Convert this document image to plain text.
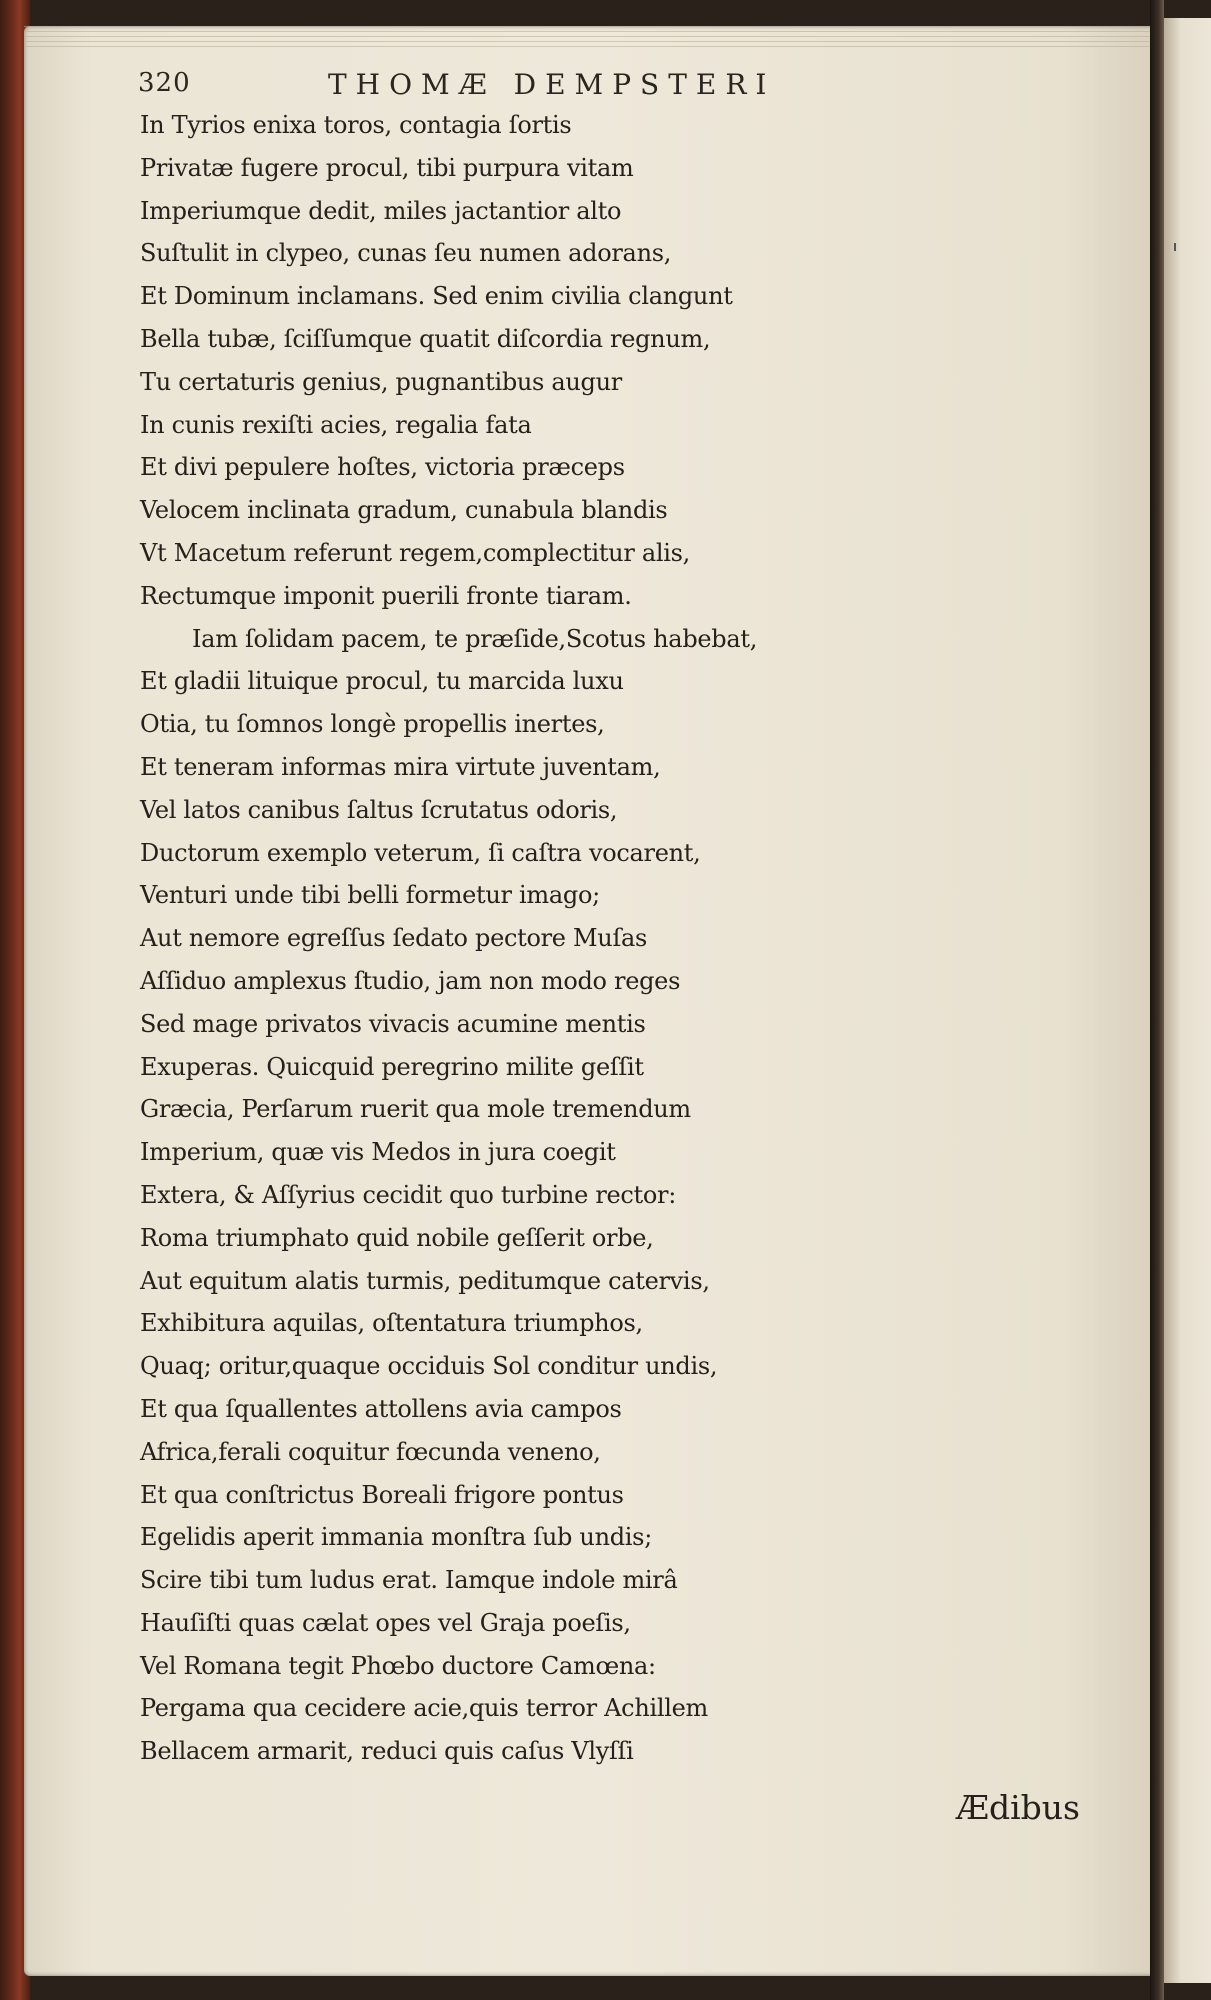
320	THOMÆ DEMPSTERI
In Tyrios enixa toros, contagia ſortis
Privatæ fugere procul, tibi purpura vitam
Imperiumque dedit, miles jactantior alto
Suſtulit in clypeo, cunas ſeu numen adorans,
Et Dominum inclamans. Sed enim civilia clangunt
Bella tubæ, ſciſſumque quatit diſcordia regnum,
Tu certaturis genius, pugnantibus augur
In cunis rexiſti acies, regalia fata
Et divi pepulere hoſtes, victoria præceps
Velocem inclinata gradum, cunabula blandis
Vt Macetum referunt regem,complectitur alis,
Rectumque imponit puerili fronte tiaram.
Iam ſolidam pacem, te præſide,Scotus habebat,
Et gladii lituique procul, tu marcida luxu
Otia, tu ſomnos longè propellis inertes,
Et teneram informas mira virtute juventam,
Vel latos canibus ſaltus ſcrutatus odoris,
Ductorum exemplo veterum, ſi caſtra vocarent,
Venturi unde tibi belli formetur imago;
Aut nemore egreſſus ſedato pectore Muſas
Aſſiduo amplexus ſtudio, jam non modo reges
Sed mage privatos vivacis acumine mentis
Exuperas. Quicquid peregrino milite geſſit
Græcia, Perſarum ruerit qua mole tremendum
Imperium, quæ vis Medos in jura coegit
Extera, & Aſſyrius cecidit quo turbine rector:
Roma triumphato quid nobile geſſerit orbe,
Aut equitum alatis turmis, peditumque catervis,
Exhibitura aquilas, oſtentatura triumphos,
Quaq; oritur,quaque occiduis Sol conditur undis,
Et qua ſquallentes attollens avia campos
Africa,ferali coquitur fœcunda veneno,
Et qua conſtrictus Boreali frigore pontus
Egelidis aperit immania monſtra ſub undis;
Scire tibi tum ludus erat. Iamque indole mirâ
Hauſiſti quas cælat opes vel Graja poeſis,
Vel Romana tegit Phœbo ductore Camœna:
Pergama qua cecidere acie,quis terror Achillem
Bellacem armarit, reduci quis caſus Vlyſſi
Ædibus
